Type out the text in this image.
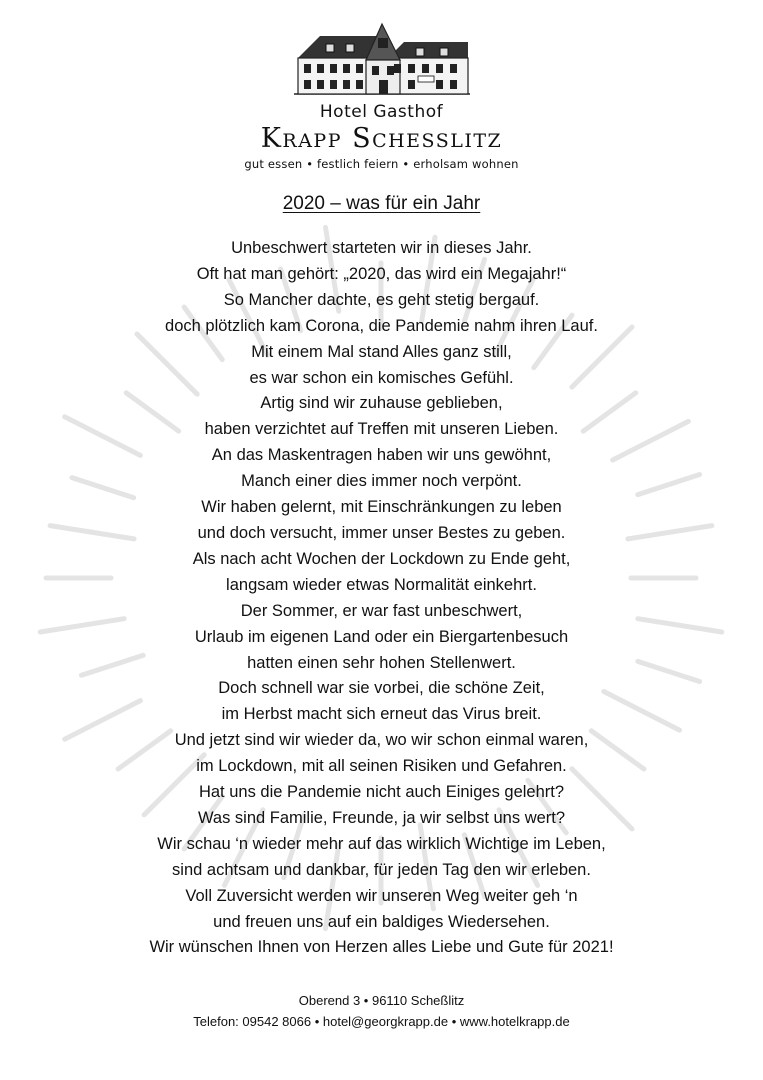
Hotel Gasthof
Krapp Schesslitz
gut essen • festlich feiern • erholsam wohnen
2020 – was für ein Jahr
Unbeschwert starteten wir in dieses Jahr.
Oft hat man gehört: „2020, das wird ein Megajahr!“
So Mancher dachte, es geht stetig bergauf.
doch plötzlich kam Corona, die Pandemie nahm ihren Lauf.
Mit einem Mal stand Alles ganz still,
es war schon ein komisches Gefühl.
Artig sind wir zuhause geblieben,
haben verzichtet auf Treffen mit unseren Lieben.
An das Maskentragen haben wir uns gewöhnt,
Manch einer dies immer noch verpönt.
Wir haben gelernt, mit Einschränkungen zu leben
und doch versucht, immer unser Bestes zu geben.
Als nach acht Wochen der Lockdown zu Ende geht,
langsam wieder etwas Normalität einkehrt.
Der Sommer, er war fast unbeschwert,
Urlaub im eigenen Land oder ein Biergartenbesuch
hatten einen sehr hohen Stellenwert.
Doch schnell war sie vorbei, die schöne Zeit,
im Herbst macht sich erneut das Virus breit.
Und jetzt sind wir wieder da, wo wir schon einmal waren,
im Lockdown, mit all seinen Risiken und Gefahren.
Hat uns die Pandemie nicht auch Einiges gelehrt?
Was sind Familie, Freunde, ja wir selbst uns wert?
Wir schau ‘n wieder mehr auf das wirklich Wichtige im Leben,
sind achtsam und dankbar, für jeden Tag den wir erleben.
Voll Zuversicht werden wir unseren Weg weiter geh ‘n
und freuen uns auf ein baldiges Wiedersehen.
Wir wünschen Ihnen von Herzen alles Liebe und Gute für 2021!
Oberend 3 • 96110 Scheßlitz
Telefon: 09542 8066 • hotel@georgkrapp.de • www.hotelkrapp.de
